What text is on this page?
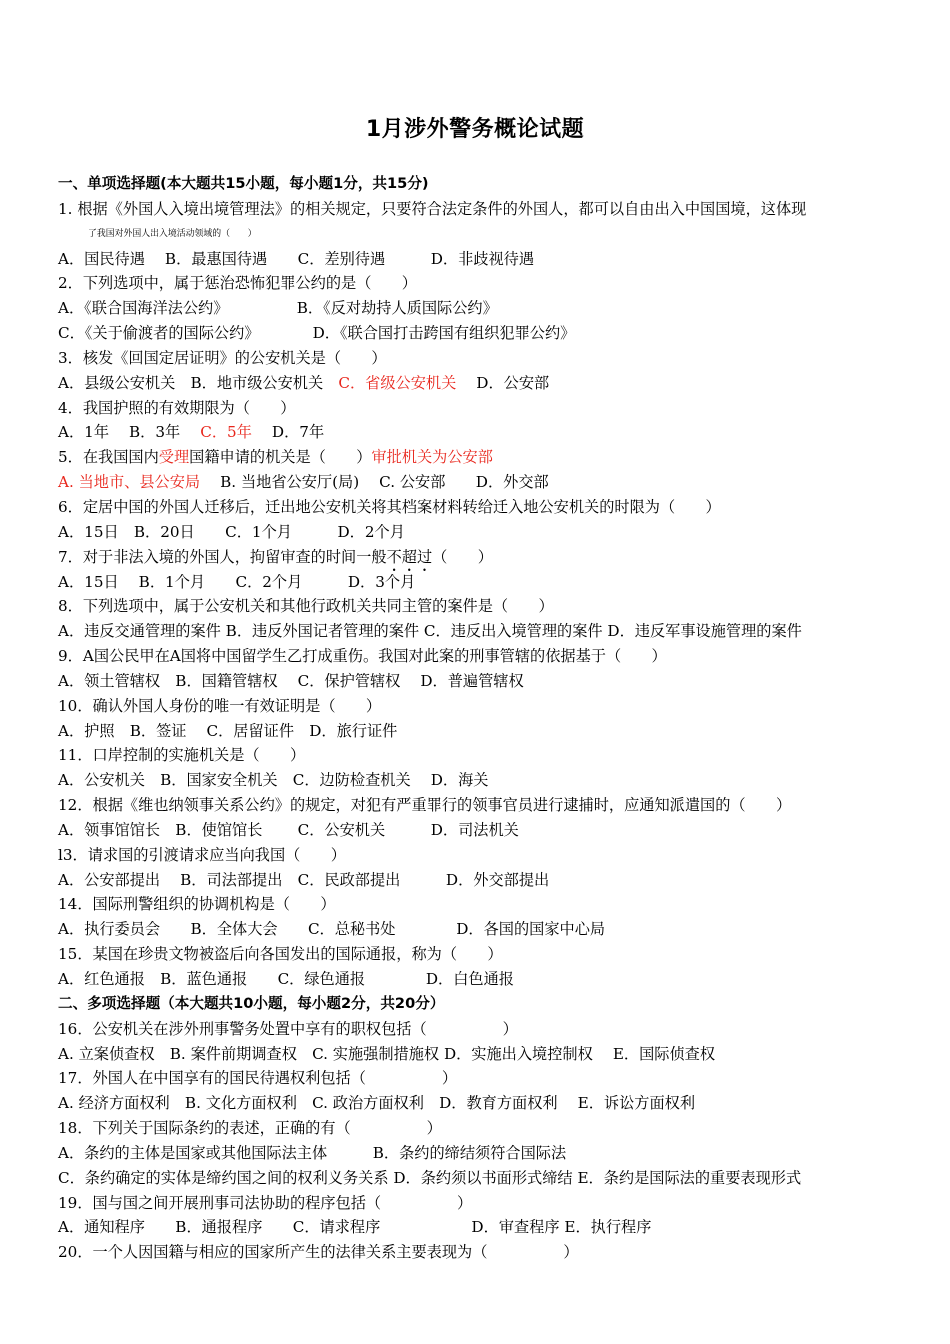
1月涉外警务概论试题
一、单项选择题(本大题共15小题，每小题1分，共15分)
1. 根据《外国人入境出境管理法》的相关规定，只要符合法定条件的外国人，都可以自由出入中国国境，这体现
了我国对外国人出入境活动领域的（　　）
A．国民待遇　 B．最惠国待遇　　C．差别待遇　　　D．非歧视待遇
2．下列选项中，属于惩治恐怖犯罪公约的是（　　）
A．《联合国海洋法公约》　　　　　B．《反对劫持人质国际公约》
C．《关于偷渡者的国际公约》　　　　D．《联合国打击跨国有组织犯罪公约》
3．核发《回国定居证明》的公安机关是（　　）
A．县级公安机关　B．地市级公安机关　C．省级公安机关　 D．公安部
4．我国护照的有效期限为（　　）
A．1年　 B．3年　 C．5年　 D．7年
5．在我国国内受理国籍申请的机关是（　　）审批机关为公安部
A. 当地市、县公安局　 B. 当地省公安厅(局)　 C. 公安部　　D．外交部
6．定居中国的外国人迁移后，迁出地公安机关将其档案材料转给迁入地公安机关的时限为（　　）
A．15日　B．20日　　C．1个月　　　D．2个月
7．对于非法入境的外国人，拘留审查的时间一般不超过（　　）
A．15日　 B．1个月　　C．2个月　　　D．3个月
8．下列选项中，属于公安机关和其他行政机关共同主管的案件是（　　）
A．违反交通管理的案件 B．违反外国记者管理的案件 C．违反出入境管理的案件 D．违反军事设施管理的案件
9．A国公民甲在A国将中国留学生乙打成重伤。我国对此案的刑事管辖的依据基于（　　）
A．领土管辖权　B．国籍管辖权　 C．保护管辖权　 D．普遍管辖权
10．确认外国人身份的唯一有效证明是（　　）
A．护照　B．签证　 C．居留证件　D．旅行证件
11．口岸控制的实施机关是（　　）
A．公安机关　B．国家安全机关　C．边防检查机关　 D．海关
12．根据《维也纳领事关系公约》的规定，对犯有严重罪行的领事官员进行逮捕时，应通知派遣国的（　　）
A．领事馆馆长　B．使馆馆长　　 C．公安机关　　　D．司法机关
l3．请求国的引渡请求应当向我国（　　）
A．公安部提出　 B．司法部提出　C．民政部提出　　　D．外交部提出
14．国际刑警组织的协调机构是（　　）
A．执行委员会　　B．全体大会　　C．总秘书处　　　　D．各国的国家中心局
15．某国在珍贵文物被盗后向各国发出的国际通报，称为（　　）
A．红色通报　B．蓝色通报　　C．绿色通报　　　　D．白色通报
二、多项选择题（本大题共10小题，每小题2分，共20分）
16．公安机关在涉外刑事警务处置中享有的职权包括（　　　　　）
A. 立案侦查权　B. 案件前期调查权　C. 实施强制措施权 D．实施出入境控制权　 E．国际侦查权
17．外国人在中国享有的国民待遇权利包括（　　　　　）
A. 经济方面权利　B. 文化方面权利　C. 政治方面权利　D．教育方面权利　 E．诉讼方面权利
18．下列关于国际条约的表述，正确的有（　　　　　）
A．条约的主体是国家或其他国际法主体　　　B．条约的缔结须符合国际法
C．条约确定的实体是缔约国之间的权利义务关系 D．条约须以书面形式缔结 E．条约是国际法的重要表现形式
19．国与国之间开展刑事司法协助的程序包括（　　　　　）
A．通知程序　　B．通报程序　　C．请求程序　　　　　　D．审查程序 E．执行程序
20．一个人因国籍与相应的国家所产生的法律关系主要表现为（　　　　　）
